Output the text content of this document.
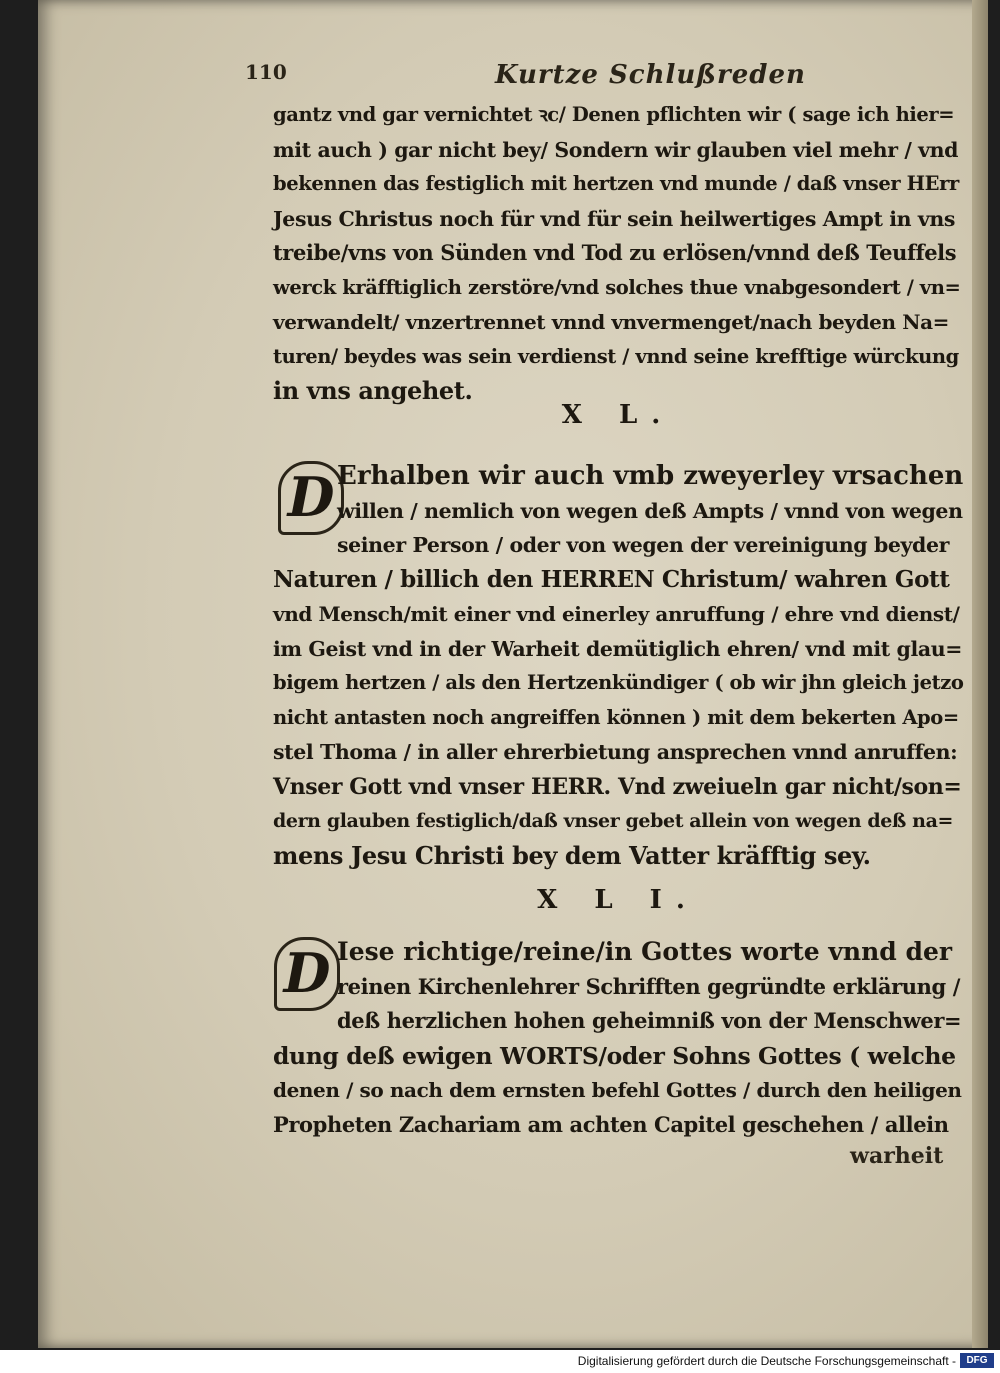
110	Kurtze Schlußreden
gantz vnd gar vernichtet ꝛc/ Denen pflichten wir ( sage ich hier=
mit auch ) gar nicht bey/ Sondern wir glauben viel mehr / vnd
bekennen das festiglich mit hertzen vnd munde / daß vnser HErr
Jesus Christus noch für vnd für sein heilwertiges Ampt in vns
treibe/vns von Sünden vnd Tod zu erlösen/vnnd deß Teuffels
werck kräfftiglich zerstöre/vnd solches thue vnabgesondert / vn=
verwandelt/ vnzertrennet vnnd vnvermenget/nach beyden Na=
turen/ beydes was sein verdienst / vnnd seine krefftige würckung
in vns angehet.
X L.
D Erhalben wir auch vmb zweyerley vrsachen
willen / nemlich von wegen deß Ampts / vnnd von wegen
seiner Person / oder von wegen der vereinigung beyder
Naturen / billich den HERREN Christum/ wahren Gott
vnd Mensch/mit einer vnd einerley anruffung / ehre vnd dienst/
im Geist vnd in der Warheit demütiglich ehren/ vnd mit glau=
bigem hertzen / als den Hertzenkündiger ( ob wir jhn gleich jetzo
nicht antasten noch angreiffen können ) mit dem bekerten Apo=
stel Thoma / in aller ehrerbietung ansprechen vnnd anruffen:
Vnser Gott vnd vnser HERR. Vnd zweiueln gar nicht/son=
dern glauben festiglich/daß vnser gebet allein von wegen deß na=
mens Jesu Christi bey dem Vatter kräfftig sey.
X L I.
D Iese richtige/reine/in Gottes worte vnnd der
reinen Kirchenlehrer Schrifften gegründte erklärung /
deß herzlichen hohen geheimniß von der Menschwer=
dung deß ewigen WORTS/oder Sohns Gottes ( welche
denen / so nach dem ernsten befehl Gottes / durch den heiligen
Propheten Zachariam am achten Capitel geschehen / allein
warheit
Digitalisierung gefördert durch die Deutsche Forschungsgemeinschaft -	DFG
